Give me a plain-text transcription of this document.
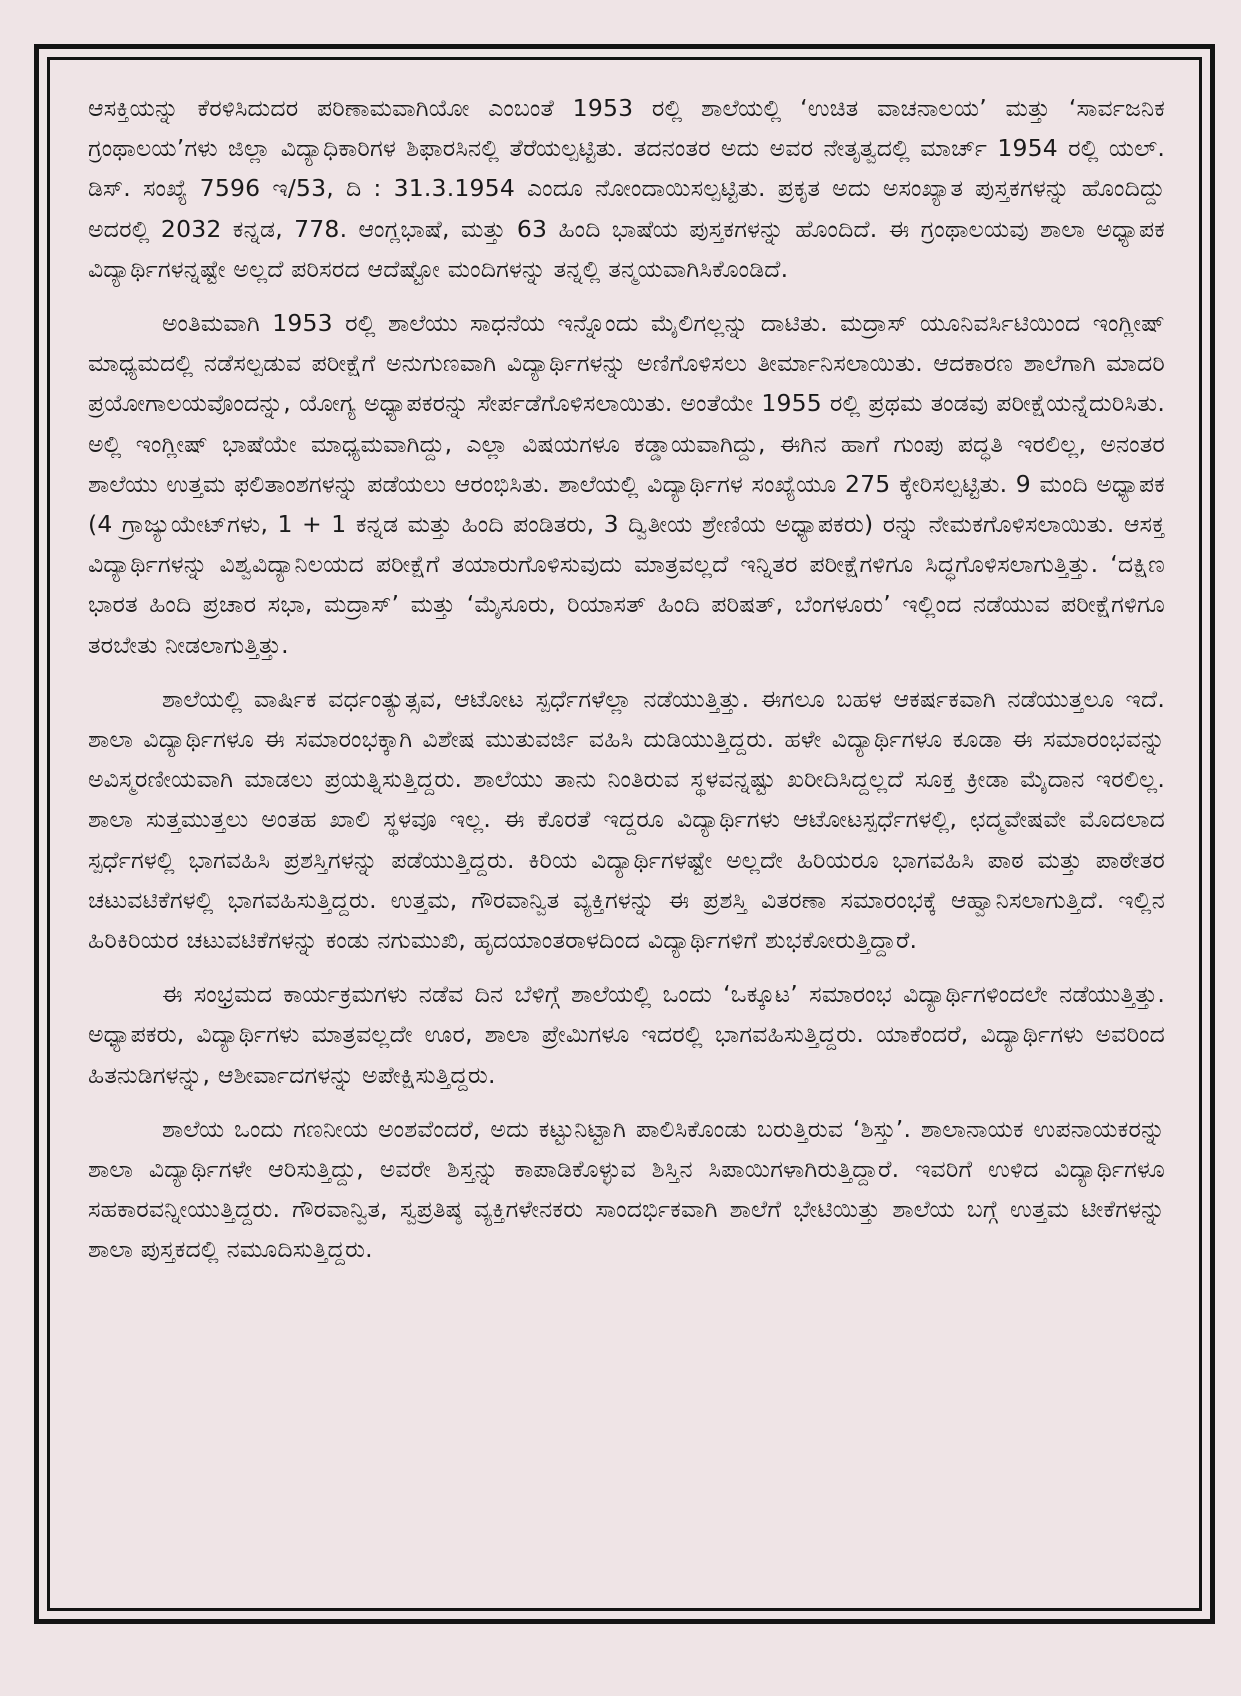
ಆಸಕ್ತಿಯನ್ನು ಕೆರಳಿಸಿದುದರ ಪರಿಣಾಮವಾಗಿಯೋ ಎಂಬಂತೆ 1953 ರಲ್ಲಿ ಶಾಲೆಯಲ್ಲಿ ‘ಉಚಿತ ವಾಚನಾಲಯ’ ಮತ್ತು ‘ಸಾರ್ವಜನಿಕ ಗ್ರಂಥಾಲಯ’ಗಳು ಜಿಲ್ಲಾ ವಿದ್ಯಾಧಿಕಾರಿಗಳ ಶಿಫಾರಸಿನಲ್ಲಿ ತೆರೆಯಲ್ಪಟ್ಟಿತು. ತದನಂತರ ಅದು ಅವರ ನೇತೃತ್ವದಲ್ಲಿ ಮಾರ್ಚ್ 1954 ರಲ್ಲಿ ಯಲ್. ಡಿಸ್. ಸಂಖ್ಯೆ 7596 ಇ/53, ದಿ : 31.3.1954 ಎಂದೂ ನೋಂದಾಯಿಸಲ್ಪಟ್ಟಿತು. ಪ್ರಕೃತ ಅದು ಅಸಂಖ್ಯಾತ ಪುಸ್ತಕಗಳನ್ನು ಹೊಂದಿದ್ದು ಅದರಲ್ಲಿ 2032 ಕನ್ನಡ, 778. ಆಂಗ್ಲಭಾಷೆ, ಮತ್ತು 63 ಹಿಂದಿ ಭಾಷೆಯ ಪುಸ್ತಕಗಳನ್ನು ಹೊಂದಿದೆ. ಈ ಗ್ರಂಥಾಲಯವು ಶಾಲಾ ಅಧ್ಯಾಪಕ ವಿದ್ಯಾರ್ಥಿಗಳನ್ನಷ್ಟೇ ಅಲ್ಲದೆ ಪರಿಸರದ ಆದೆಷ್ಟೋ ಮಂದಿಗಳನ್ನು ತನ್ನಲ್ಲಿ ತನ್ಮಯವಾಗಿಸಿಕೊಂಡಿದೆ.

ಅಂತಿಮವಾಗಿ 1953 ರಲ್ಲಿ ಶಾಲೆಯು ಸಾಧನೆಯ ಇನ್ನೊಂದು ಮೈಲಿಗಲ್ಲನ್ನು ದಾಟಿತು. ಮದ್ರಾಸ್ ಯೂನಿವರ್ಸಿಟಿಯಿಂದ ಇಂಗ್ಲೀಷ್ ಮಾಧ್ಯಮದಲ್ಲಿ ನಡೆಸಲ್ಪಡುವ ಪರೀಕ್ಷೆಗೆ ಅನುಗುಣವಾಗಿ ವಿದ್ಯಾರ್ಥಿಗಳನ್ನು ಅಣಿಗೊಳಿಸಲು ತೀರ್ಮಾನಿಸಲಾಯಿತು. ಆದಕಾರಣ ಶಾಲೆಗಾಗಿ ಮಾದರಿ ಪ್ರಯೋಗಾಲಯವೊಂದನ್ನು, ಯೋಗ್ಯ ಅಧ್ಯಾಪಕರನ್ನು ಸೇರ್ಪಡೆಗೊಳಿಸಲಾಯಿತು. ಅಂತೆಯೇ 1955 ರಲ್ಲಿ ಪ್ರಥಮ ತಂಡವು ಪರೀಕ್ಷೆಯನ್ನೆದುರಿಸಿತು. ಅಲ್ಲಿ ಇಂಗ್ಲೀಷ್ ಭಾಷೆಯೇ ಮಾಧ್ಯಮವಾಗಿದ್ದು, ಎಲ್ಲಾ ವಿಷಯಗಳೂ ಕಡ್ಡಾಯವಾಗಿದ್ದು, ಈಗಿನ ಹಾಗೆ ಗುಂಪು ಪದ್ಧತಿ ಇರಲಿಲ್ಲ, ಅನಂತರ ಶಾಲೆಯು ಉತ್ತಮ ಫಲಿತಾಂಶಗಳನ್ನು ಪಡೆಯಲು ಆರಂಭಿಸಿತು. ಶಾಲೆಯಲ್ಲಿ ವಿದ್ಯಾರ್ಥಿಗಳ ಸಂಖ್ಯೆಯೂ 275 ಕ್ಕೇರಿಸಲ್ಪಟ್ಟಿತು. 9 ಮಂದಿ ಅಧ್ಯಾಪಕ (4 ಗ್ರಾಜ್ಯುಯೇಟ್‌ಗಳು, 1 + 1 ಕನ್ನಡ ಮತ್ತು ಹಿಂದಿ ಪಂಡಿತರು, 3 ದ್ವಿತೀಯ ಶ್ರೇಣಿಯ ಅಧ್ಯಾಪಕರು) ರನ್ನು ನೇಮಕಗೊಳಿಸಲಾಯಿತು. ಆಸಕ್ತ ವಿದ್ಯಾರ್ಥಿಗಳನ್ನು ವಿಶ್ವವಿದ್ಯಾನಿಲಯದ ಪರೀಕ್ಷೆಗೆ ತಯಾರುಗೊಳಿಸುವುದು ಮಾತ್ರವಲ್ಲದೆ ಇನ್ನಿತರ ಪರೀಕ್ಷೆಗಳಿಗೂ ಸಿದ್ಧಗೊಳಿಸಲಾಗುತ್ತಿತ್ತು. ‘ದಕ್ಷಿಣ ಭಾರತ ಹಿಂದಿ ಪ್ರಚಾರ ಸಭಾ, ಮದ್ರಾಸ್’ ಮತ್ತು ‘ಮೈಸೂರು, ರಿಯಾಸತ್ ಹಿಂದಿ ಪರಿಷತ್, ಬೆಂಗಳೂರು’ ಇಲ್ಲಿಂದ ನಡೆಯುವ ಪರೀಕ್ಷೆಗಳಿಗೂ ತರಬೇತು ನೀಡಲಾಗುತ್ತಿತ್ತು.

ಶಾಲೆಯಲ್ಲಿ ವಾರ್ಷಿಕ ವರ್ಧಂತ್ಯುತ್ಸವ, ಆಟೋಟ ಸ್ಪರ್ಧೆಗಳೆಲ್ಲಾ ನಡೆಯುತ್ತಿತ್ತು. ಈಗಲೂ ಬಹಳ ಆಕರ್ಷಕವಾಗಿ ನಡೆಯುತ್ತಲೂ ಇದೆ. ಶಾಲಾ ವಿದ್ಯಾರ್ಥಿಗಳೂ ಈ ಸಮಾರಂಭಕ್ಕಾಗಿ ವಿಶೇಷ ಮುತುವರ್ಜಿ ವಹಿಸಿ ದುಡಿಯುತ್ತಿದ್ದರು. ಹಳೇ ವಿದ್ಯಾರ್ಥಿಗಳೂ ಕೂಡಾ ಈ ಸಮಾರಂಭವನ್ನು ಅವಿಸ್ಮರಣೀಯವಾಗಿ ಮಾಡಲು ಪ್ರಯತ್ನಿಸುತ್ತಿದ್ದರು. ಶಾಲೆಯು ತಾನು ನಿಂತಿರುವ ಸ್ಥಳವನ್ನಷ್ಟು ಖರೀದಿಸಿದ್ದಲ್ಲದೆ ಸೂಕ್ತ ಕ್ರೀಡಾ ಮೈದಾನ ಇರಲಿಲ್ಲ. ಶಾಲಾ ಸುತ್ತಮುತ್ತಲು ಅಂತಹ ಖಾಲಿ ಸ್ಥಳವೂ ಇಲ್ಲ. ಈ ಕೊರತೆ ಇದ್ದರೂ ವಿದ್ಯಾರ್ಥಿಗಳು ಆಟೋಟಸ್ಪರ್ಧೆಗಳಲ್ಲಿ, ಛದ್ಮವೇಷವೇ ಮೊದಲಾದ ಸ್ಪರ್ಧೆಗಳಲ್ಲಿ ಭಾಗವಹಿಸಿ ಪ್ರಶಸ್ತಿಗಳನ್ನು ಪಡೆಯುತ್ತಿದ್ದರು. ಕಿರಿಯ ವಿದ್ಯಾರ್ಥಿಗಳಷ್ಟೇ ಅಲ್ಲದೇ ಹಿರಿಯರೂ ಭಾಗವಹಿಸಿ ಪಾಠ ಮತ್ತು ಪಾಠೇತರ ಚಟುವಟಿಕೆಗಳಲ್ಲಿ ಭಾಗವಹಿಸುತ್ತಿದ್ದರು. ಉತ್ತಮ, ಗೌರವಾನ್ವಿತ ವ್ಯಕ್ತಿಗಳನ್ನು ಈ ಪ್ರಶಸ್ತಿ ವಿತರಣಾ ಸಮಾರಂಭಕ್ಕೆ ಆಹ್ವಾನಿಸಲಾಗುತ್ತಿದೆ. ಇಲ್ಲಿನ ಹಿರಿಕಿರಿಯರ ಚಟುವಟಿಕೆಗಳನ್ನು ಕಂಡು ನಗುಮುಖಿ, ಹೃದಯಾಂತರಾಳದಿಂದ ವಿದ್ಯಾರ್ಥಿಗಳಿಗೆ ಶುಭಕೋರುತ್ತಿದ್ದಾರೆ.

ಈ ಸಂಭ್ರಮದ ಕಾರ್ಯಕ್ರಮಗಳು ನಡೆವ ದಿನ ಬೆಳಿಗ್ಗೆ ಶಾಲೆಯಲ್ಲಿ ಒಂದು ‘ಒಕ್ಕೂಟ’ ಸಮಾರಂಭ ವಿದ್ಯಾರ್ಥಿಗಳಿಂದಲೇ ನಡೆಯುತ್ತಿತ್ತು. ಅಧ್ಯಾಪಕರು, ವಿದ್ಯಾರ್ಥಿಗಳು ಮಾತ್ರವಲ್ಲದೇ ಊರ, ಶಾಲಾ ಪ್ರೇಮಿಗಳೂ ಇದರಲ್ಲಿ ಭಾಗವಹಿಸುತ್ತಿದ್ದರು. ಯಾಕೆಂದರೆ, ವಿದ್ಯಾರ್ಥಿಗಳು ಅವರಿಂದ ಹಿತನುಡಿಗಳನ್ನು, ಆಶೀರ್ವಾದಗಳನ್ನು ಅಪೇಕ್ಷಿಸುತ್ತಿದ್ದರು.

ಶಾಲೆಯ ಒಂದು ಗಣನೀಯ ಅಂಶವೆಂದರೆ, ಅದು ಕಟ್ಟುನಿಟ್ಟಾಗಿ ಪಾಲಿಸಿಕೊಂಡು ಬರುತ್ತಿರುವ ‘ಶಿಸ್ತು’. ಶಾಲಾನಾಯಕ ಉಪನಾಯಕರನ್ನು ಶಾಲಾ ವಿದ್ಯಾರ್ಥಿಗಳೇ ಆರಿಸುತ್ತಿದ್ದು, ಅವರೇ ಶಿಸ್ತನ್ನು ಕಾಪಾಡಿಕೊಳ್ಳುವ ಶಿಸ್ತಿನ ಸಿಪಾಯಿಗಳಾಗಿರುತ್ತಿದ್ದಾರೆ. ಇವರಿಗೆ ಉಳಿದ ವಿದ್ಯಾರ್ಥಿಗಳೂ ಸಹಕಾರವನ್ನೀಯುತ್ತಿದ್ದರು. ಗೌರವಾನ್ವಿತ, ಸ್ವಪ್ರತಿಷ್ಠ ವ್ಯಕ್ತಿಗಳೇನಕರು ಸಾಂದರ್ಭಿಕವಾಗಿ ಶಾಲೆಗೆ ಭೇಟಿಯಿತ್ತು ಶಾಲೆಯ ಬಗ್ಗೆ ಉತ್ತಮ ಟೀಕೆಗಳನ್ನು ಶಾಲಾ ಪುಸ್ತಕದಲ್ಲಿ ನಮೂದಿಸುತ್ತಿದ್ದರು.
